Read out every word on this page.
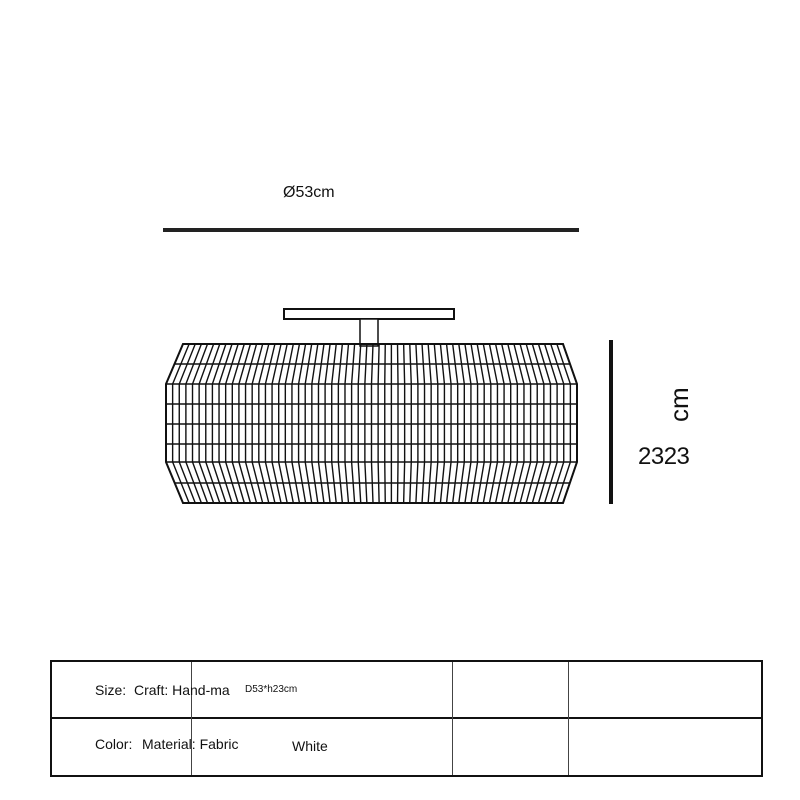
Ø53cm
cm
2323
Size: Craft: Hand-ma D53*h23cm
Color: Material: Fabric	White
